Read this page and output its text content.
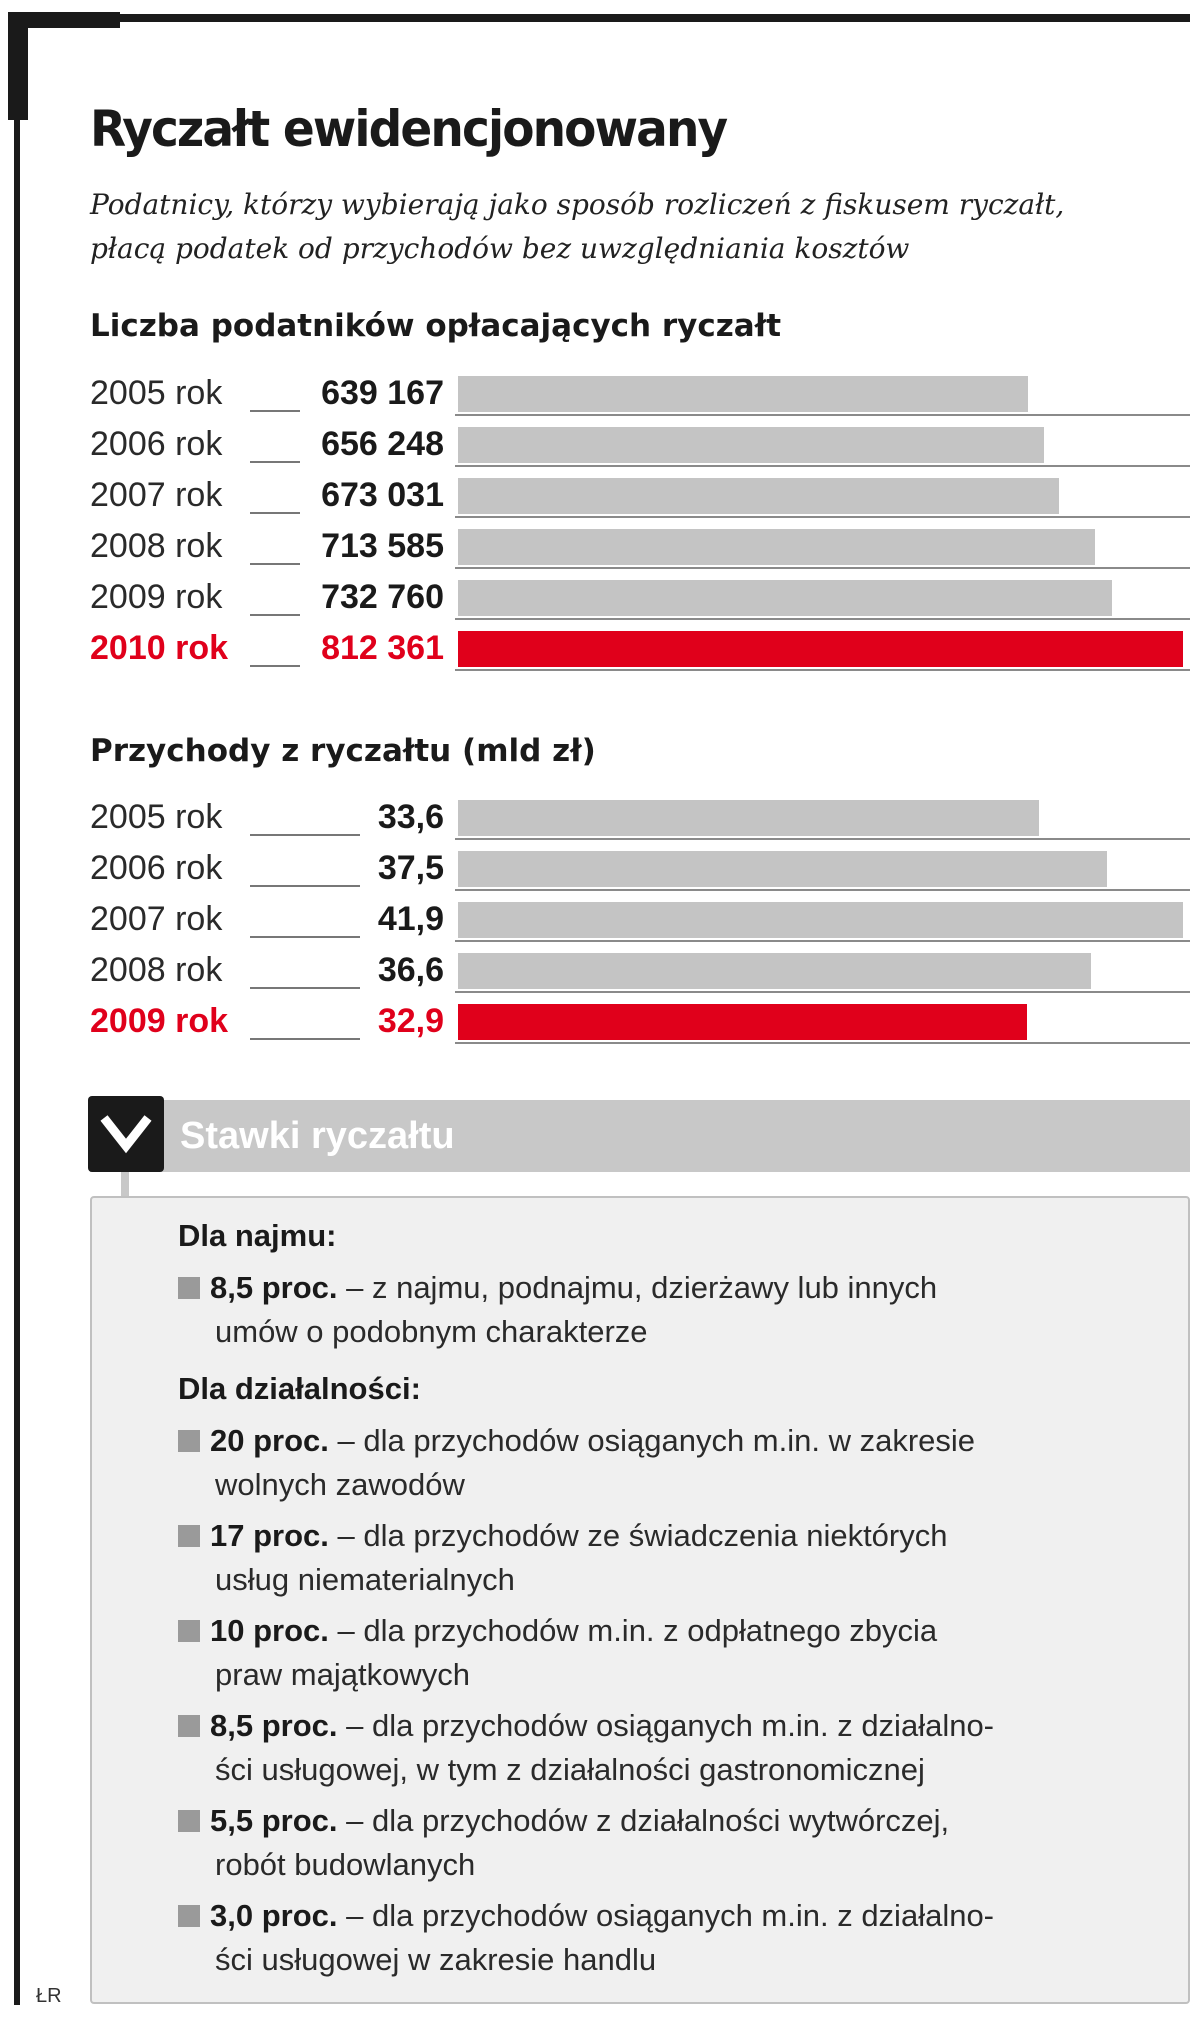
Ryczałt ewidencjonowany

Podatnicy, którzy wybierają jako sposób rozliczeń z fiskusem ryczałt,
płacą podatek od przychodów bez uwzględniania kosztów

Liczba podatników opłacających ryczałt
2005 rok	639 167
2006 rok	656 248
2007 rok	673 031
2008 rok	713 585
2009 rok	732 760
2010 rok	812 361
Przychody z ryczałtu (mld zł)
2005 rok	33,6
2006 rok	37,5
2007 rok	41,9
2008 rok	36,6
2009 rok	32,9
Stawki ryczałtu
Dla najmu:
8,5 proc. – z najmu, podnajmu, dzierżawy lub innych
umów o podobnym charakterze
Dla działalności:
20 proc. – dla przychodów osiąganych m.in. w zakresie
wolnych zawodów
17 proc. – dla przychodów ze świadczenia niektórych
usług niematerialnych
10 proc. – dla przychodów m.in. z odpłatnego zbycia
praw majątkowych
8,5 proc. – dla przychodów osiąganych m.in. z działalno-
ści usługowej, w tym z działalności gastronomicznej
5,5 proc. – dla przychodów z działalności wytwórczej,
robót budowlanych
3,0 proc. – dla przychodów osiąganych m.in. z działalno-
ści usługowej w zakresie handlu
ŁR
